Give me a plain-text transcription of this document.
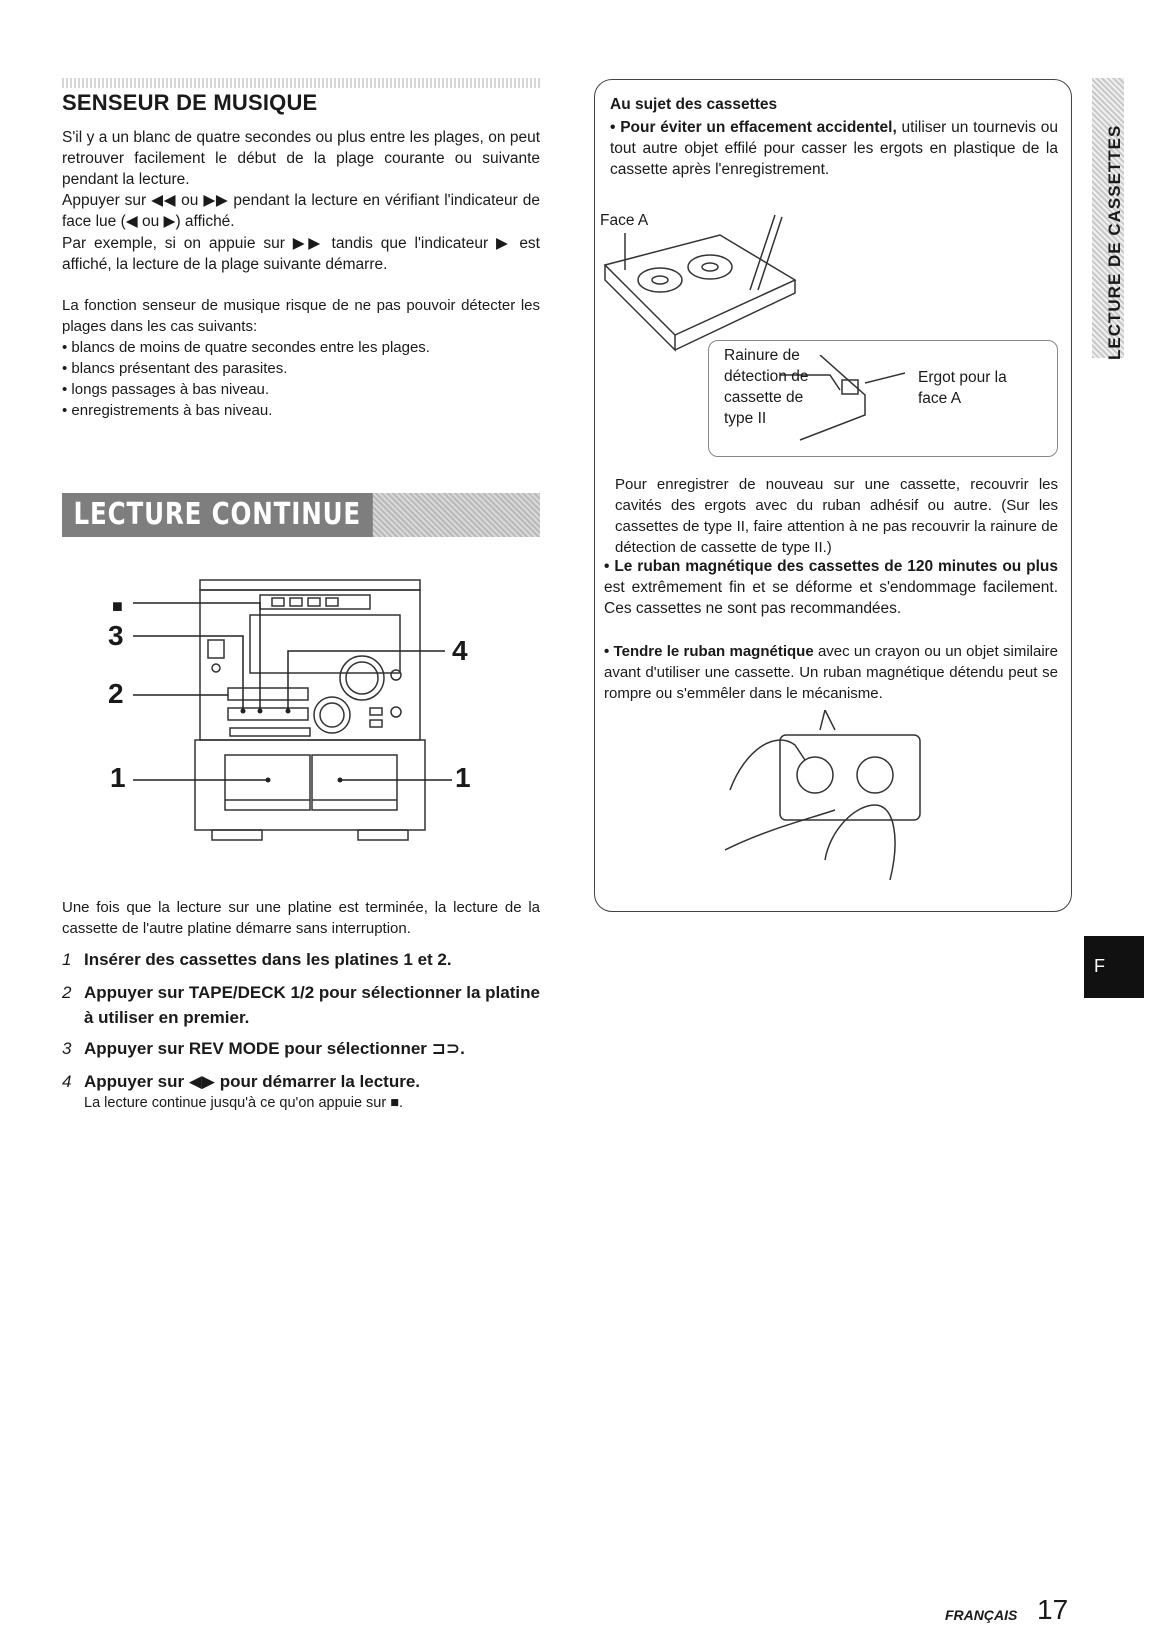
SENSEUR DE MUSIQUE

S'il y a un blanc de quatre secondes ou plus entre les plages, on peut retrouver facilement le début de la plage courante ou suivante pendant la lecture.

Appuyer sur ◀◀ ou ▶▶ pendant la lecture en vérifiant l'indicateur de face lue (◀ ou ▶) affiché.

Par exemple, si on appuie sur ▶▶ tandis que l'indicateur ▶ est affiché, la lecture de la plage suivante démarre.

La fonction senseur de musique risque de ne pas pouvoir détecter les plages dans les cas suivants:

• blancs de moins de quatre secondes entre les plages.
• blancs présentant des parasites.
• longs passages à bas niveau.
• enregistrements à bas niveau.
LECTURE CONTINUE
■
3
2
4
1	1

Une fois que la lecture sur une platine est terminée, la lecture de la cassette de l'autre platine démarre sans interruption.

1 Insérer des cassettes dans les platines 1 et 2.
2 Appuyer sur TAPE/DECK 1/2 pour sélectionner la platine à utiliser en premier.
3 Appuyer sur REV MODE pour sélectionner ⊐⊃.
4 Appuyer sur ◀▶ pour démarrer la lecture.
La lecture continue jusqu'à ce qu'on appuie sur ■.
Au sujet des cassettes

• Pour éviter un effacement accidentel, utiliser un tournevis ou tout autre objet effilé pour casser les ergots en plastique de la cassette après l'enregistrement.

Face A
Rainure de
détection de
cassette de
type II
Ergot pour la
face A

Pour enregistrer de nouveau sur une cassette, recouvrir les cavités des ergots avec du ruban adhésif ou autre. (Sur les cassettes de type II, faire attention à ne pas recouvrir la rainure de détection de cassette de type II.)

• Le ruban magnétique des cassettes de 120 minutes ou plus est extrêmement fin et se déforme et s'endommage facilement. Ces cassettes ne sont pas recommandées.

• Tendre le ruban magnétique avec un crayon ou un objet similaire avant d'utiliser une cassette. Un ruban magnétique détendu peut se rompre ou s'emmêler dans le mécanisme.

LECTURE DE CASSETTES
F
FRANÇAIS 17
